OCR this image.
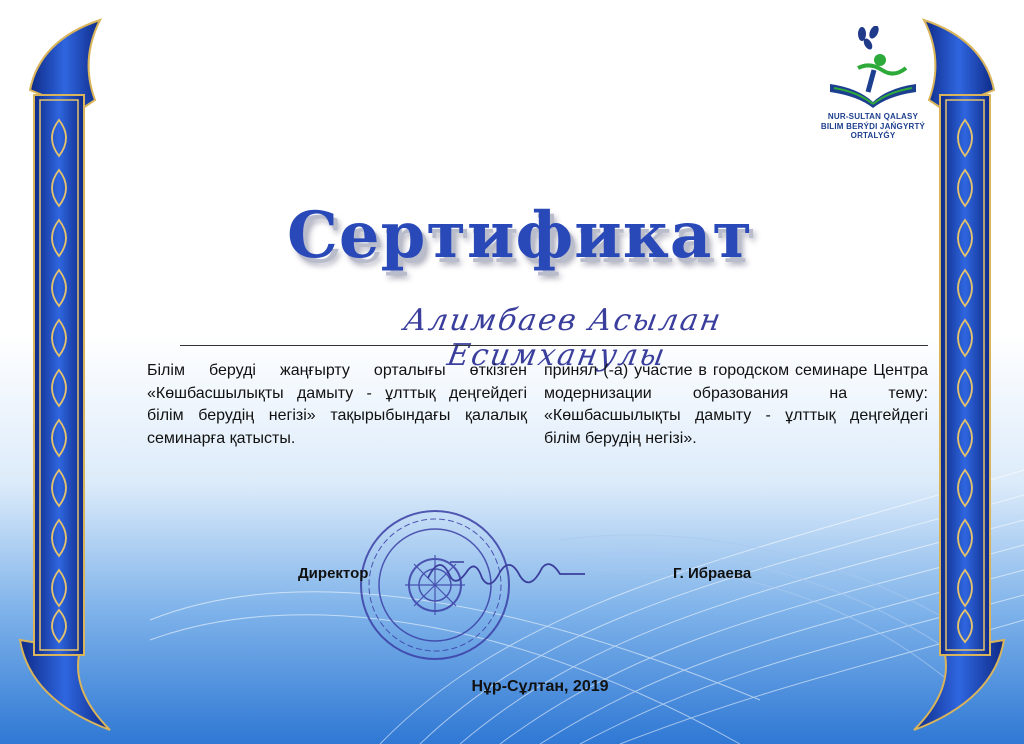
NUR-SULTAN QALASY
BILIM BERÝDI JAŃGYRTÝ ORTALYǴY
Сертификат
Алимбаев Асылан Есимханулы
Білім беруді жаңғырту орталығы өткізген «Көшбасшылықты дамыту - ұлттық деңгейдегі білім берудің негізі» тақырыбындағы қалалық семинарға қатысты.
принял (-а) участие в городском семинаре Центра модернизации образования на тему: «Көшбасшылықты дамыту - ұлттық деңгейдегі білім берудің негізі».
Директор	Г. Ибраева
Нұр-Сұлтан, 2019
